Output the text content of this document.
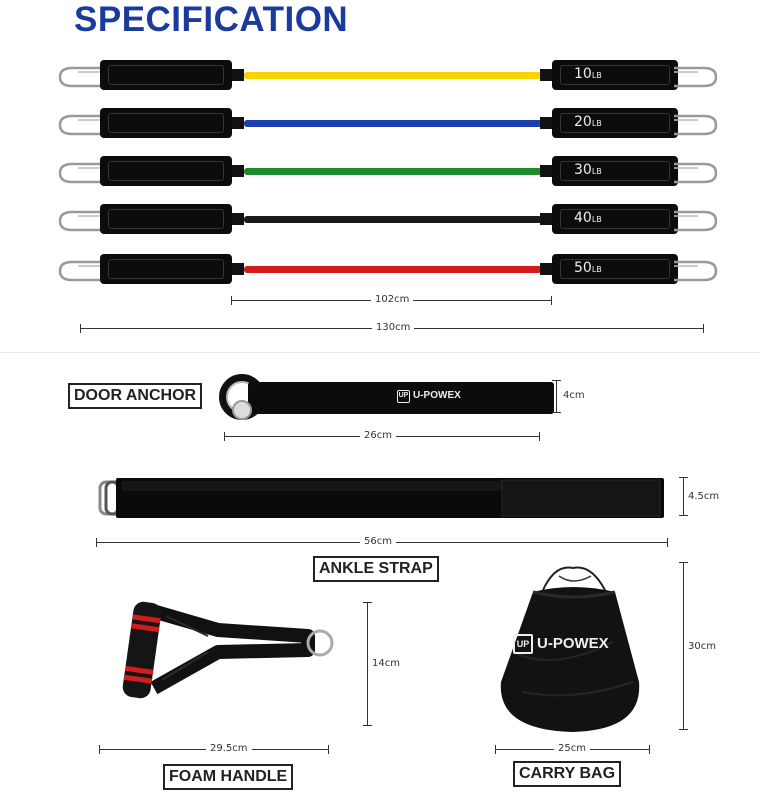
SPECIFICATION
10LB
20LB
30LB
40LB
50LB
102cm
130cm
DOOR ANCHOR	UP U-POWEX	4cm
26cm
4.5cm
56cm
ANKLE STRAP
14cm
29.5cm
FOAM HANDLE
UP U-POWEX	30cm
25cm
CARRY BAG
